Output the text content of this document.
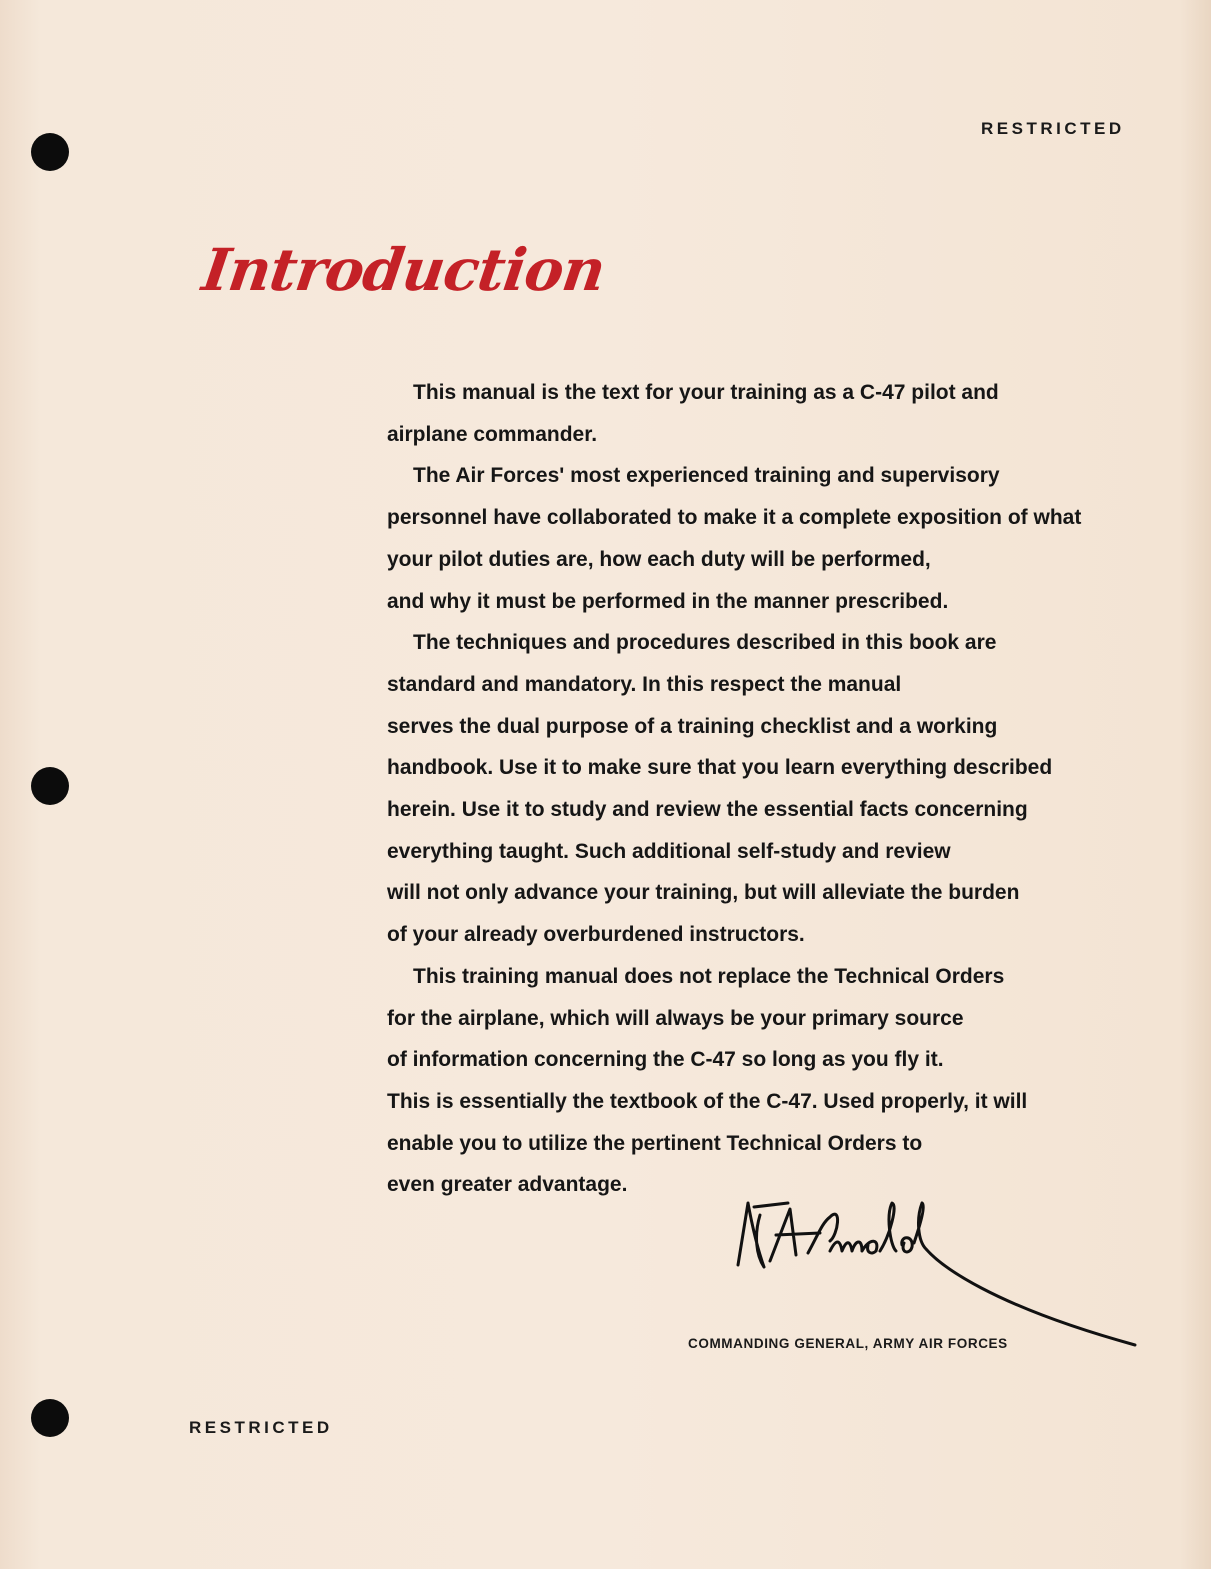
RESTRICTED
Introduction
This manual is the text for your training as a C-47 pilot and
airplane commander.
The Air Forces' most experienced training and supervisory
personnel have collaborated to make it a complete exposition of what
your pilot duties are, how each duty will be performed,
and why it must be performed in the manner prescribed.
The techniques and procedures described in this book are
standard and mandatory. In this respect the manual
serves the dual purpose of a training checklist and a working
handbook. Use it to make sure that you learn everything described
herein. Use it to study and review the essential facts concerning
everything taught. Such additional self-study and review
will not only advance your training, but will alleviate the burden
of your already overburdened instructors.
This training manual does not replace the Technical Orders
for the airplane, which will always be your primary source
of information concerning the C-47 so long as you fly it.
This is essentially the textbook of the C-47. Used properly, it will
enable you to utilize the pertinent Technical Orders to
even greater advantage.
COMMANDING GENERAL, ARMY AIR FORCES
RESTRICTED
